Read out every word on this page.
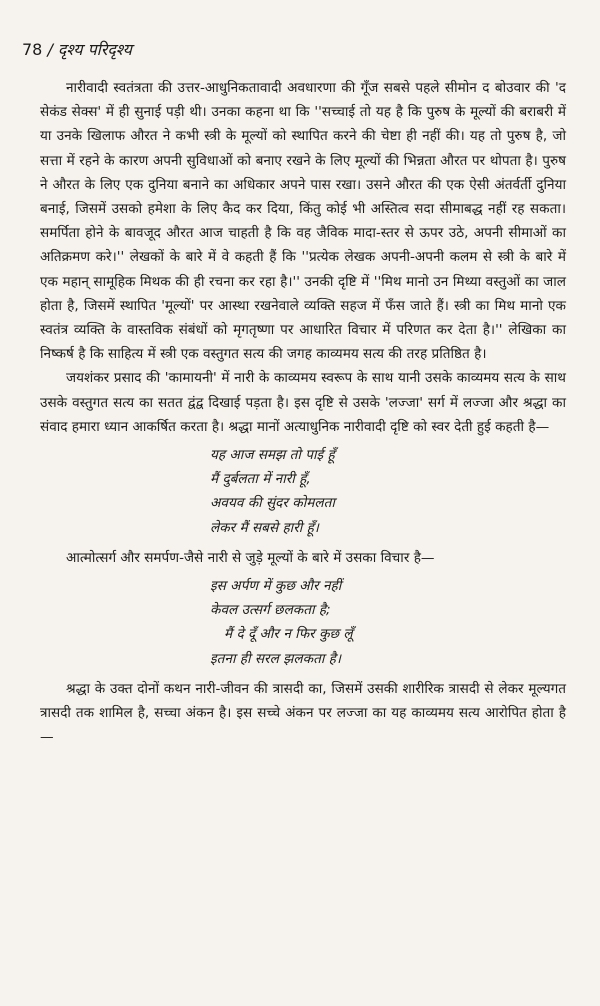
78 / दृश्य परिदृश्य

नारीवादी स्वतंत्रता की उत्तर-आधुनिकतावादी अवधारणा की गूँज सबसे पहले सीमोन द बोउवार की 'द सेकंड सेक्स' में ही सुनाई पड़ी थी। उनका कहना था कि ''सच्चाई तो यह है कि पुरुष के मूल्यों की बराबरी में या उनके खिलाफ औरत ने कभी स्त्री के मूल्यों को स्थापित करने की चेष्टा ही नहीं की। यह तो पुरुष है, जो सत्ता में रहने के कारण अपनी सुविधाओं को बनाए रखने के लिए मूल्यों की भिन्नता औरत पर थोपता है। पुरुष ने औरत के लिए एक दुनिया बनाने का अधिकार अपने पास रखा। उसने औरत की एक ऐसी अंतर्वर्ती दुनिया बनाई, जिसमें उसको हमेशा के लिए कैद कर दिया, किंतु कोई भी अस्तित्व सदा सीमाबद्ध नहीं रह सकता। समर्पिता होने के बावजूद औरत आज चाहती है कि वह जैविक मादा-स्तर से ऊपर उठे, अपनी सीमाओं का अतिक्रमण करे।'' लेखकों के बारे में वे कहती हैं कि ''प्रत्येक लेखक अपनी-अपनी कलम से स्त्री के बारे में एक महान् सामूहिक मिथक की ही रचना कर रहा है।'' उनकी दृष्टि में ''मिथ मानो उन मिथ्या वस्तुओं का जाल होता है, जिसमें स्थापित 'मूल्यों' पर आस्था रखनेवाले व्यक्ति सहज में फँस जाते हैं। स्त्री का मिथ मानो एक स्वतंत्र व्यक्ति के वास्तविक संबंधों को मृगतृष्णा पर आधारित विचार में परिणत कर देता है।'' लेखिका का निष्कर्ष है कि साहित्य में स्त्री एक वस्तुगत सत्य की जगह काव्यमय सत्य की तरह प्रतिष्ठित है।

जयशंकर प्रसाद की 'कामायनी' में नारी के काव्यमय स्वरूप के साथ यानी उसके काव्यमय सत्य के साथ उसके वस्तुगत सत्य का सतत द्वंद्व दिखाई पड़ता है। इस दृष्टि से उसके 'लज्जा' सर्ग में लज्जा और श्रद्धा का संवाद हमारा ध्यान आकर्षित करता है। श्रद्धा मानों अत्याधुनिक नारीवादी दृष्टि को स्वर देती हुई कहती है—

यह आज समझ तो पाई हूँ
मैं दुर्बलता में नारी हूँ,
अवयव की सुंदर कोमलता
लेकर मैं सबसे हारी हूँ।

आत्मोत्सर्ग और समर्पण-जैसे नारी से जुड़े मूल्यों के बारे में उसका विचार है—

इस अर्पण में कुछ और नहीं
केवल उत्सर्ग छलकता है;
मैं दे दूँ और न फिर कुछ लूँ
इतना ही सरल झलकता है।

श्रद्धा के उक्त दोनों कथन नारी-जीवन की त्रासदी का, जिसमें उसकी शारीरिक त्रासदी से लेकर मूल्यगत त्रासदी तक शामिल है, सच्चा अंकन है। इस सच्चे अंकन पर लज्जा का यह काव्यमय सत्य आरोपित होता है—
